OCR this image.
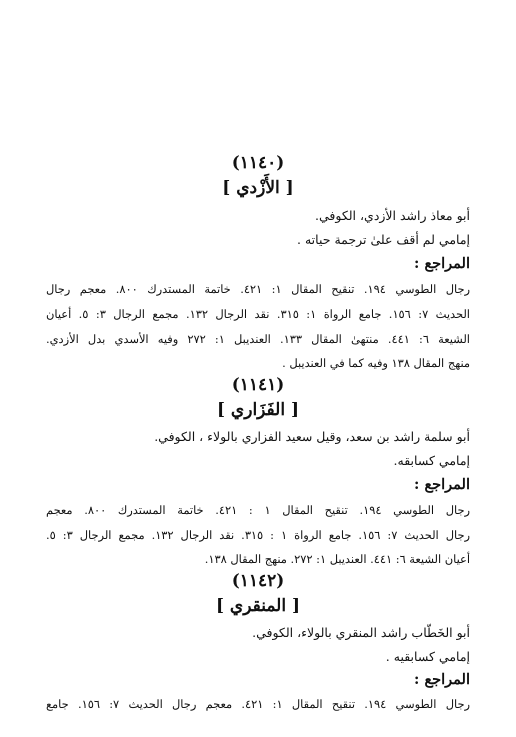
(١١٤٠)
[ الأَزْدي ]
أبو معاذ راشد الأزدي، الكوفي.
إمامي لم أقف علىٰ ترجمة حياته .
المراجع :
رجال الطوسي ١٩٤. تنقيح المقال ١: ٤٢١. خاتمة المستدرك ٨٠٠. معجم رجال
الحديث ٧: ١٥٦. جامع الرواة ١: ٣١٥. نقد الرجال ١٣٢. مجمع الرجال ٣: ٥. أعيان
الشيعة ٦: ٤٤١. منتهىٰ المقال ١٣٣. العنديبل ١: ٢٧٢ وفيه الأسدي بدل الأزدي.
منهج المقال ١٣٨ وفيه كما في العنديبل .
(١١٤١)
[ الفَزَاري ]
أبو سلمة راشد بن سعد، وقيل سعيد الفزاري بالولاء ، الكوفي.
إمامي كسابقه.
المراجع :
رجال الطوسي ١٩٤. تنقيح المقال ١ : ٤٢١. خاتمة المستدرك ٨٠٠. معجم
رجال الحديث ٧: ١٥٦. جامع الرواة ١ : ٣١٥. نقد الرجال ١٣٢. مجمع الرجال ٣: ٥.
أعيان الشيعة ٦: ٤٤١. العنديبل ١: ٢٧٢. منهج المقال ١٣٨.
(١١٤٢)
[ المنقري ]
أبو الخَطّاب راشد المنقري بالولاء، الكوفي.
إمامي كسابقيه .
المراجع :
رجال الطوسي ١٩٤. تنقيح المقال ١: ٤٢١. معجم رجال الحديث ٧: ١٥٦. جامع
